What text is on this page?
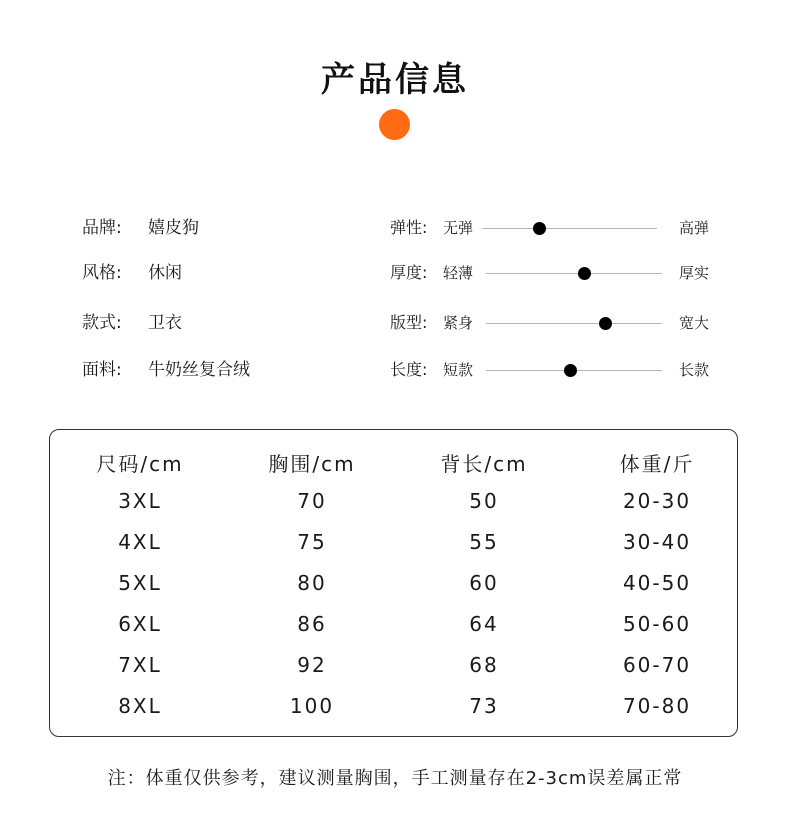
产品信息
品牌: 嬉皮狗	弹性: 无弹	高弹
风格: 休闲	厚度: 轻薄	厚实
款式: 卫衣	版型: 紧身	宽大
面料: 牛奶丝复合绒	长度: 短款	长款
尺码/cm	胸围/cm	背长/cm	体重/斤
3XL	70	50	20-30
4XL	75	55	30-40
5XL	80	60	40-50
6XL	86	64	50-60
7XL	92	68	60-70
8XL	100	73	70-80
注：体重仅供参考，建议测量胸围，手工测量存在2-3cm误差属正常
